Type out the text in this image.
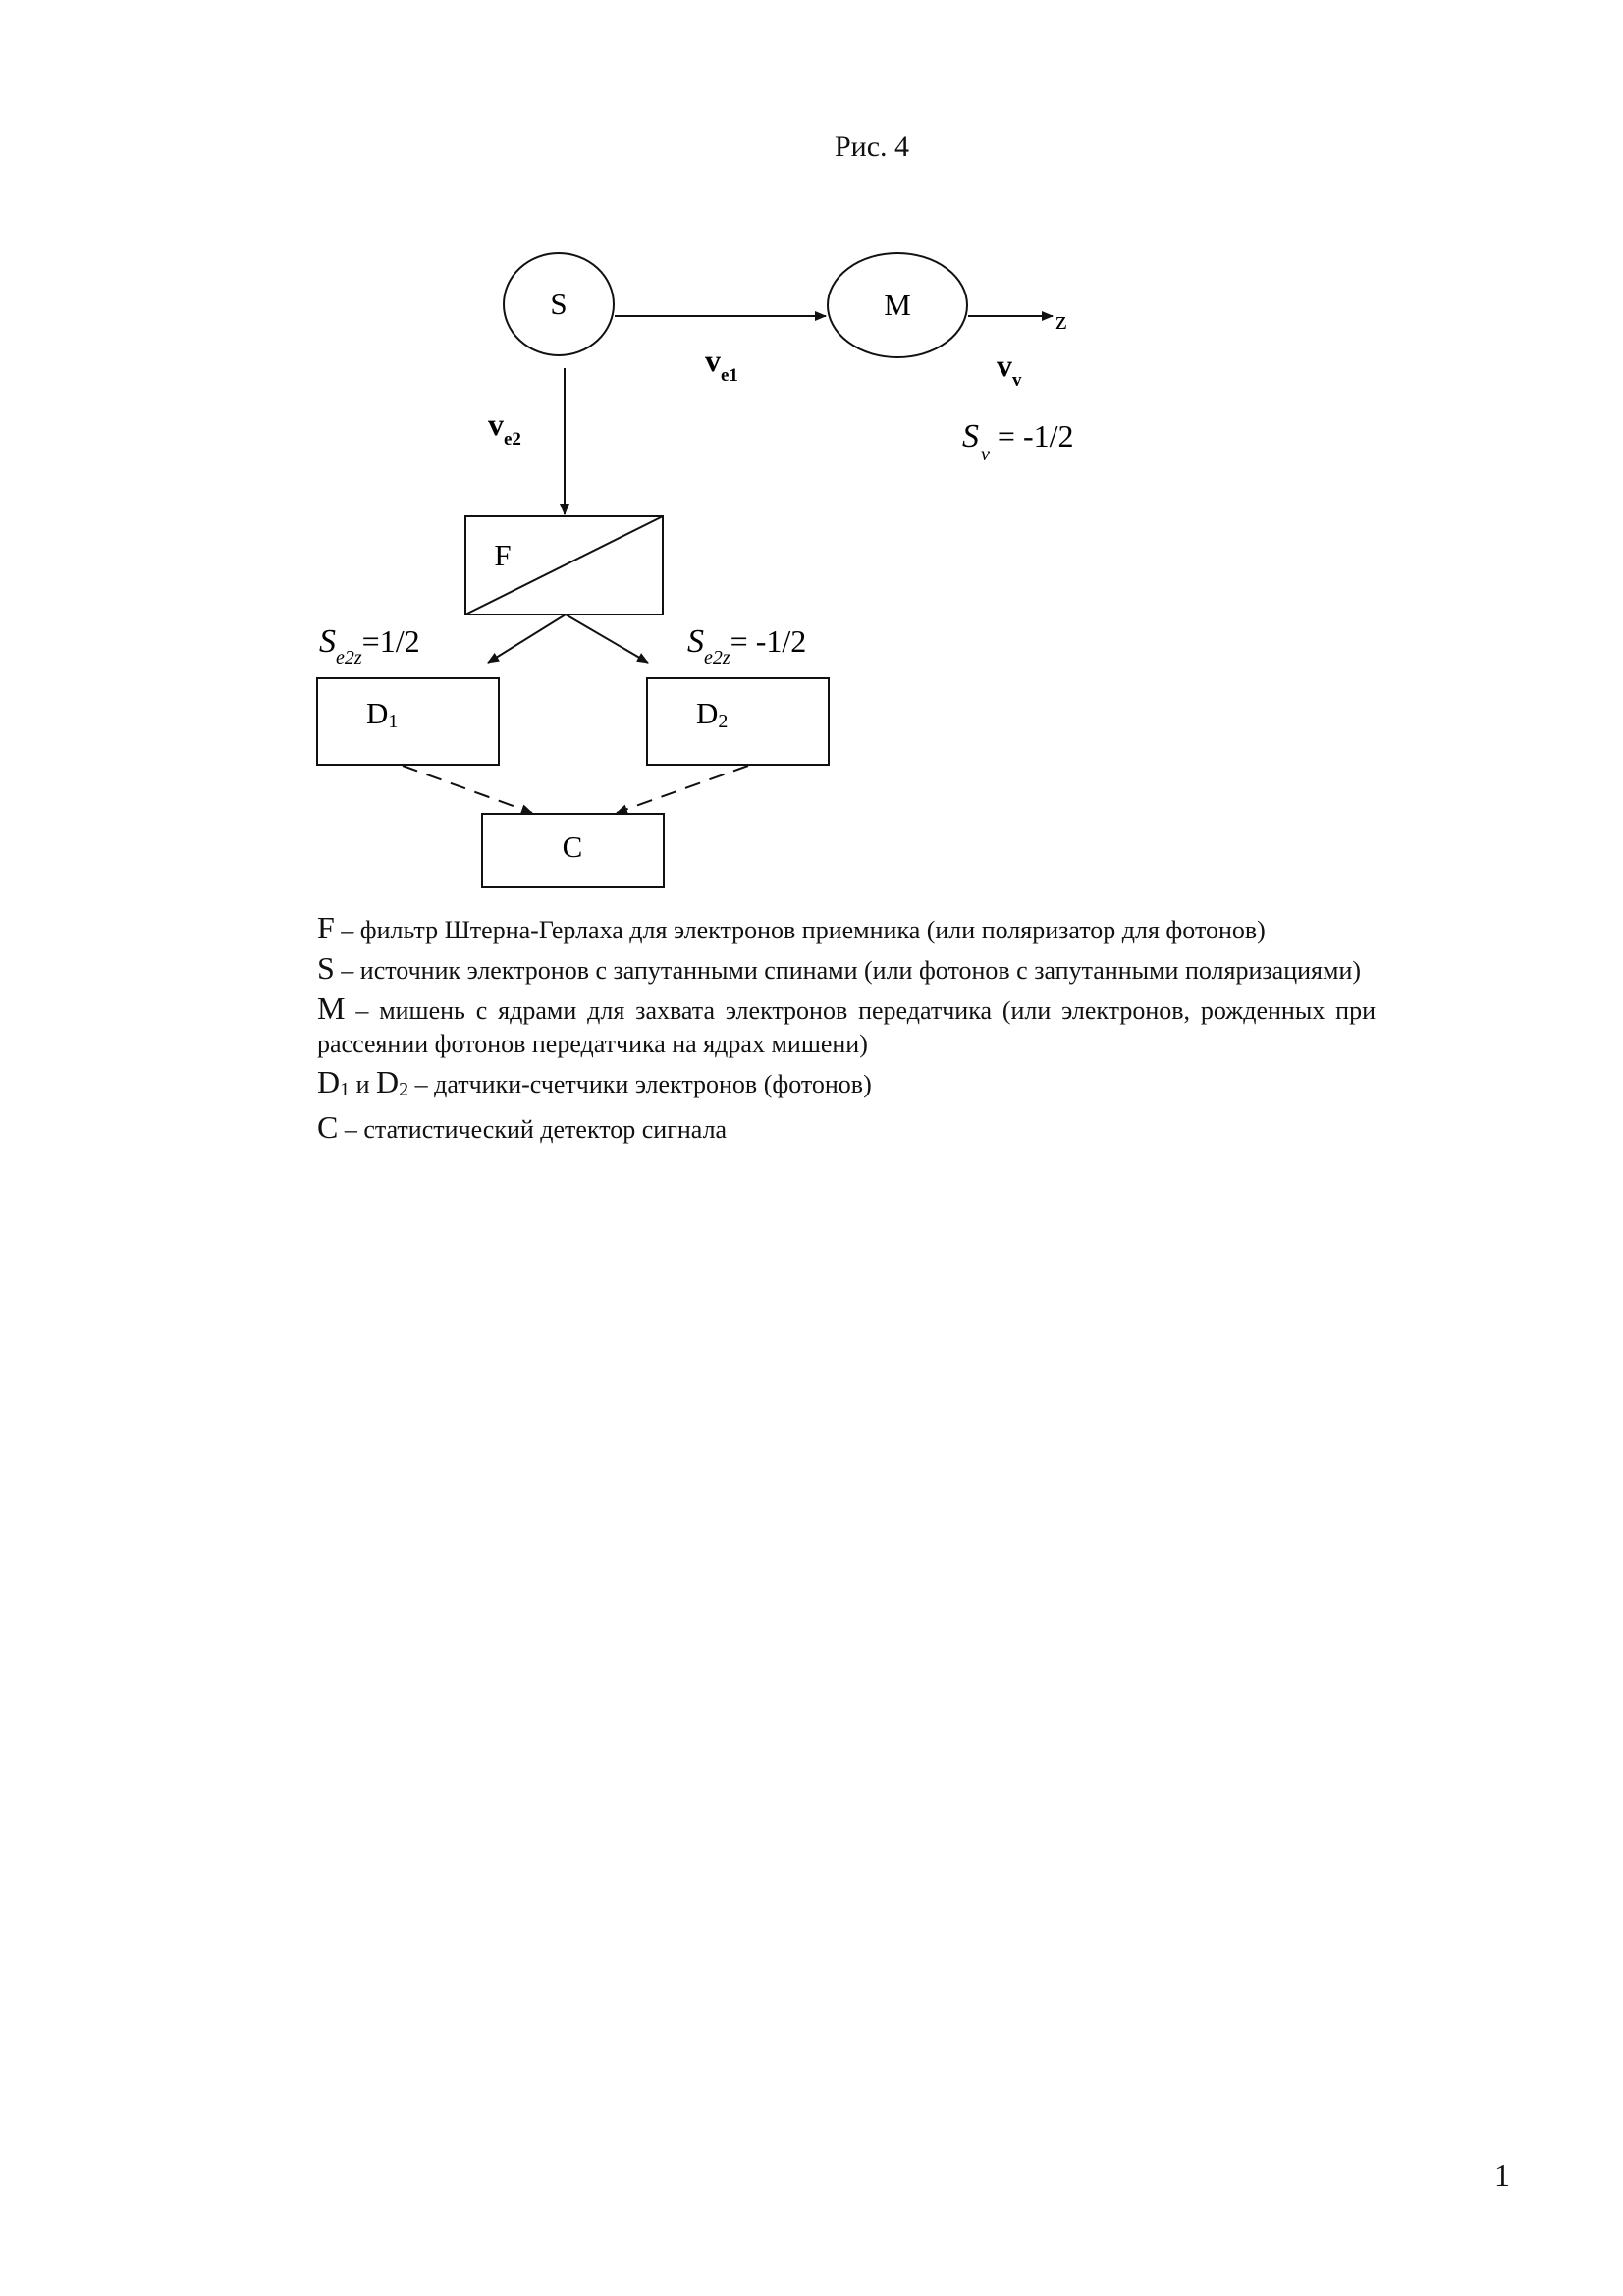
Рис. 4
S	M	z
ve1	vv
ve2	Sv = -1/2
F
Se2z=1/2	Se2z= -1/2
D1	D2
C

F – фильтр Штерна-Герлаха для электронов приемника (или поляризатор для фотонов)

S – источник электронов с запутанными спинами (или фотонов с запутанными поляризациями)

M – мишень с ядрами для захвата электронов передатчика (или электронов, рожденных при рассеянии фотонов передатчика на ядрах мишени)

D1 и D2 – датчики-счетчики электронов (фотонов)

C – статистический детектор сигнала

1
